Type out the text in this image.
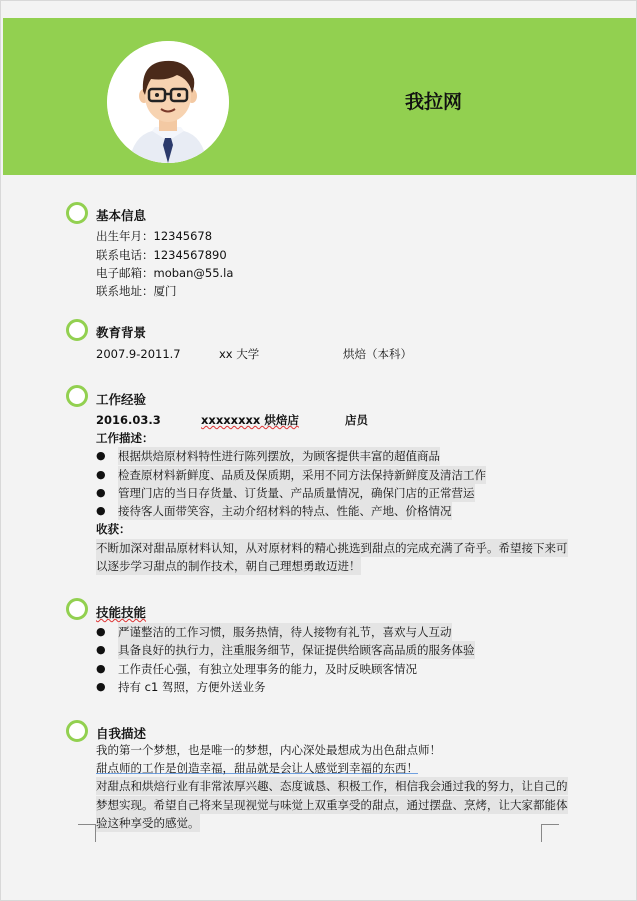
我拉网
基本信息
出生年月：12345678
联系电话：1234567890
电子邮箱：moban@55.la
联系地址：厦门
教育背景
2007.9-2011.7	xx 大学	烘焙（本科）
工作经验
2016.03.3	xxxxxxxx 烘焙店	店员
工作描述：
● 根据烘焙原材料特性进行陈列摆放，为顾客提供丰富的超值商品
● 检查原材料新鲜度、品质及保质期，采用不同方法保持新鲜度及清洁工作
● 管理门店的当日存货量、订货量、产品质量情况，确保门店的正常营运
● 接待客人面带笑容，主动介绍材料的特点、性能、产地、价格情况
收获：
不断加深对甜品原材料认知，从对原材料的精心挑选到甜点的完成充满了奇乎。希望接下来可
以逐步学习甜点的制作技术，朝自己理想勇敢迈进！
技能技能
● 严谨整洁的工作习惯，服务热情，待人接物有礼节，喜欢与人互动
● 具备良好的执行力，注重服务细节，保证提供给顾客高品质的服务体验
● 工作责任心强，有独立处理事务的能力，及时反映顾客情况
● 持有 c1 驾照，方便外送业务
自我描述
我的第一个梦想，也是唯一的梦想，内心深处最想成为出色甜点师！
甜点师的工作是创造幸福，甜品就是会让人感觉到幸福的东西！
对甜点和烘焙行业有非常浓厚兴趣、态度诚恳、积极工作，相信我会通过我的努力，让自己的
梦想实现。希望自己将来呈现视觉与味觉上双重享受的甜点，通过摆盘、烹烤，让大家都能体
验这种享受的感觉。
